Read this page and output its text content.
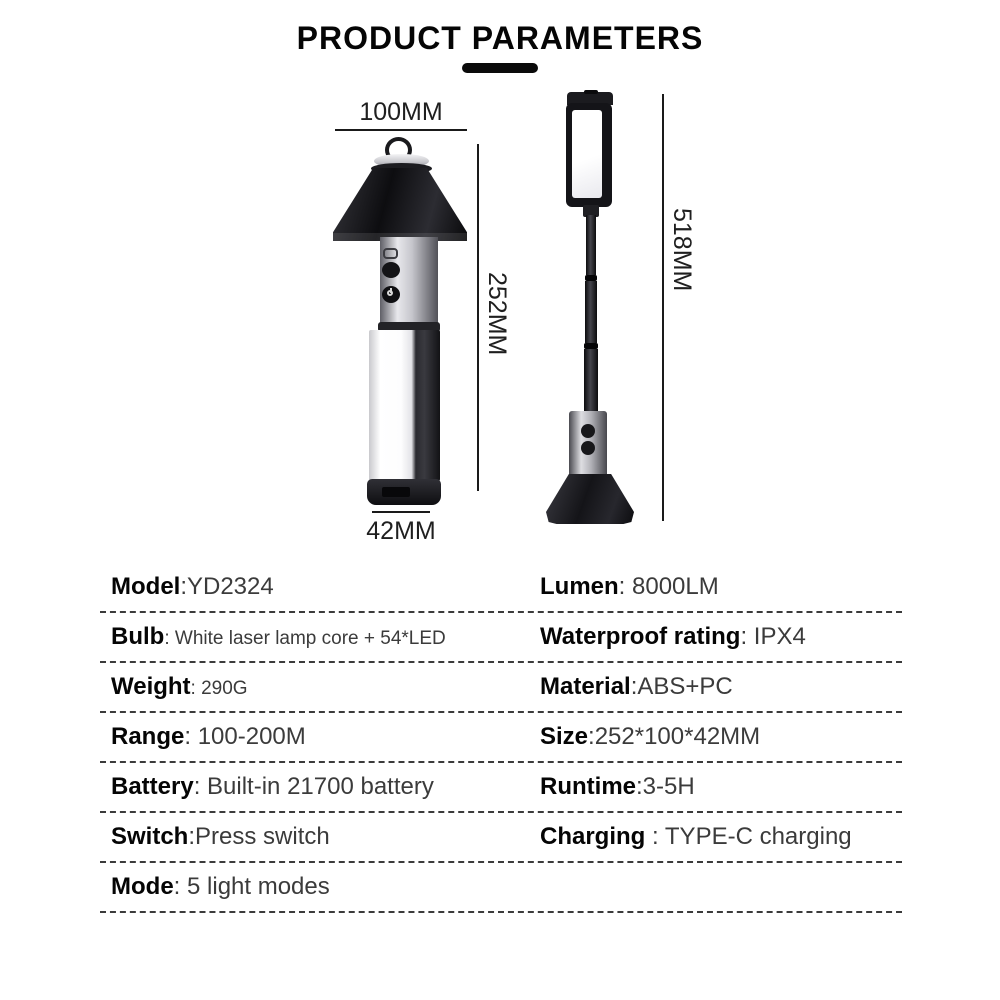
PRODUCT PARAMETERS
100MM
42MM
252MM
518MM
Model:YD2324	Lumen: 8000LM
Bulb: White laser lamp core + 54*LED	Waterproof rating: IPX4
Weight: 290G	Material:ABS+PC
Range: 100-200M	Size:252*100*42MM
Battery: Built-in 21700 battery	Runtime:3-5H
Switch:Press switch	Charging : TYPE-C charging
Mode: 5 light modes
